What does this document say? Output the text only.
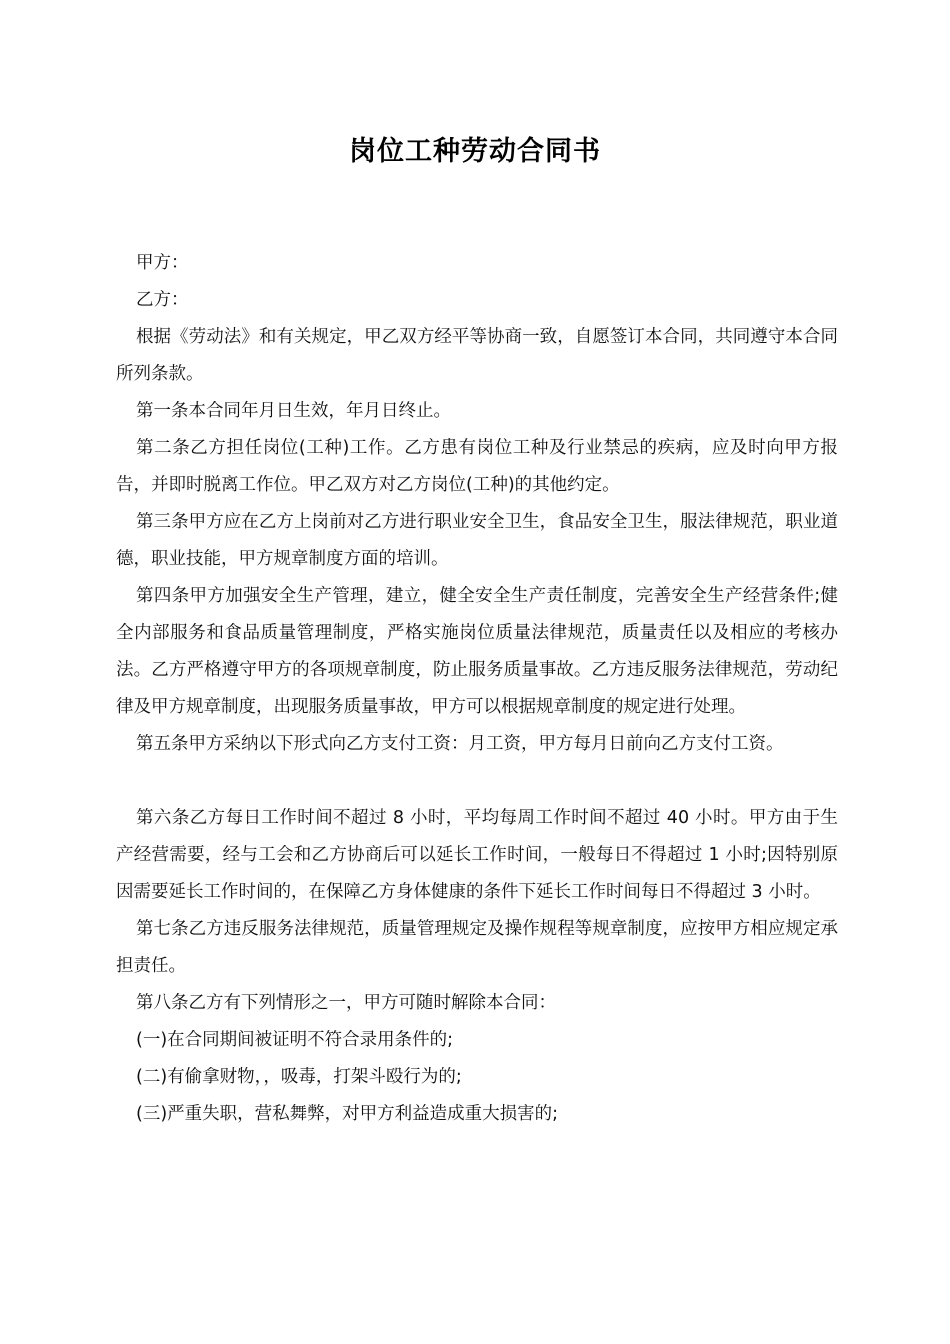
岗位工种劳动合同书

甲方：

乙方：

根据《劳动法》和有关规定，甲乙双方经平等协商一致，自愿签订本合同，共同遵守本合同所列条款。

第一条本合同年月日生效，年月日终止。

第二条乙方担任岗位(工种)工作。乙方患有岗位工种及行业禁忌的疾病，应及时向甲方报告，并即时脱离工作位。甲乙双方对乙方岗位(工种)的其他约定。

第三条甲方应在乙方上岗前对乙方进行职业安全卫生，食品安全卫生，服法律规范，职业道德，职业技能，甲方规章制度方面的培训。

第四条甲方加强安全生产管理，建立，健全安全生产责任制度，完善安全生产经营条件;健全内部服务和食品质量管理制度，严格实施岗位质量法律规范，质量责任以及相应的考核办法。乙方严格遵守甲方的各项规章制度，防止服务质量事故。乙方违反服务法律规范，劳动纪律及甲方规章制度，出现服务质量事故，甲方可以根据规章制度的规定进行处理。

第五条甲方采纳以下形式向乙方支付工资：月工资，甲方每月日前向乙方支付工资。

第六条乙方每日工作时间不超过 8 小时，平均每周工作时间不超过 40 小时。甲方由于生产经营需要，经与工会和乙方协商后可以延长工作时间，一般每日不得超过 1 小时;因特别原因需要延长工作时间的，在保障乙方身体健康的条件下延长工作时间每日不得超过 3 小时。

第七条乙方违反服务法律规范，质量管理规定及操作规程等规章制度，应按甲方相应规定承担责任。

第八条乙方有下列情形之一，甲方可随时解除本合同：

(一)在合同期间被证明不符合录用条件的;

(二)有偷拿财物，，吸毒，打架斗殴行为的;

(三)严重失职，营私舞弊，对甲方利益造成重大损害的;
